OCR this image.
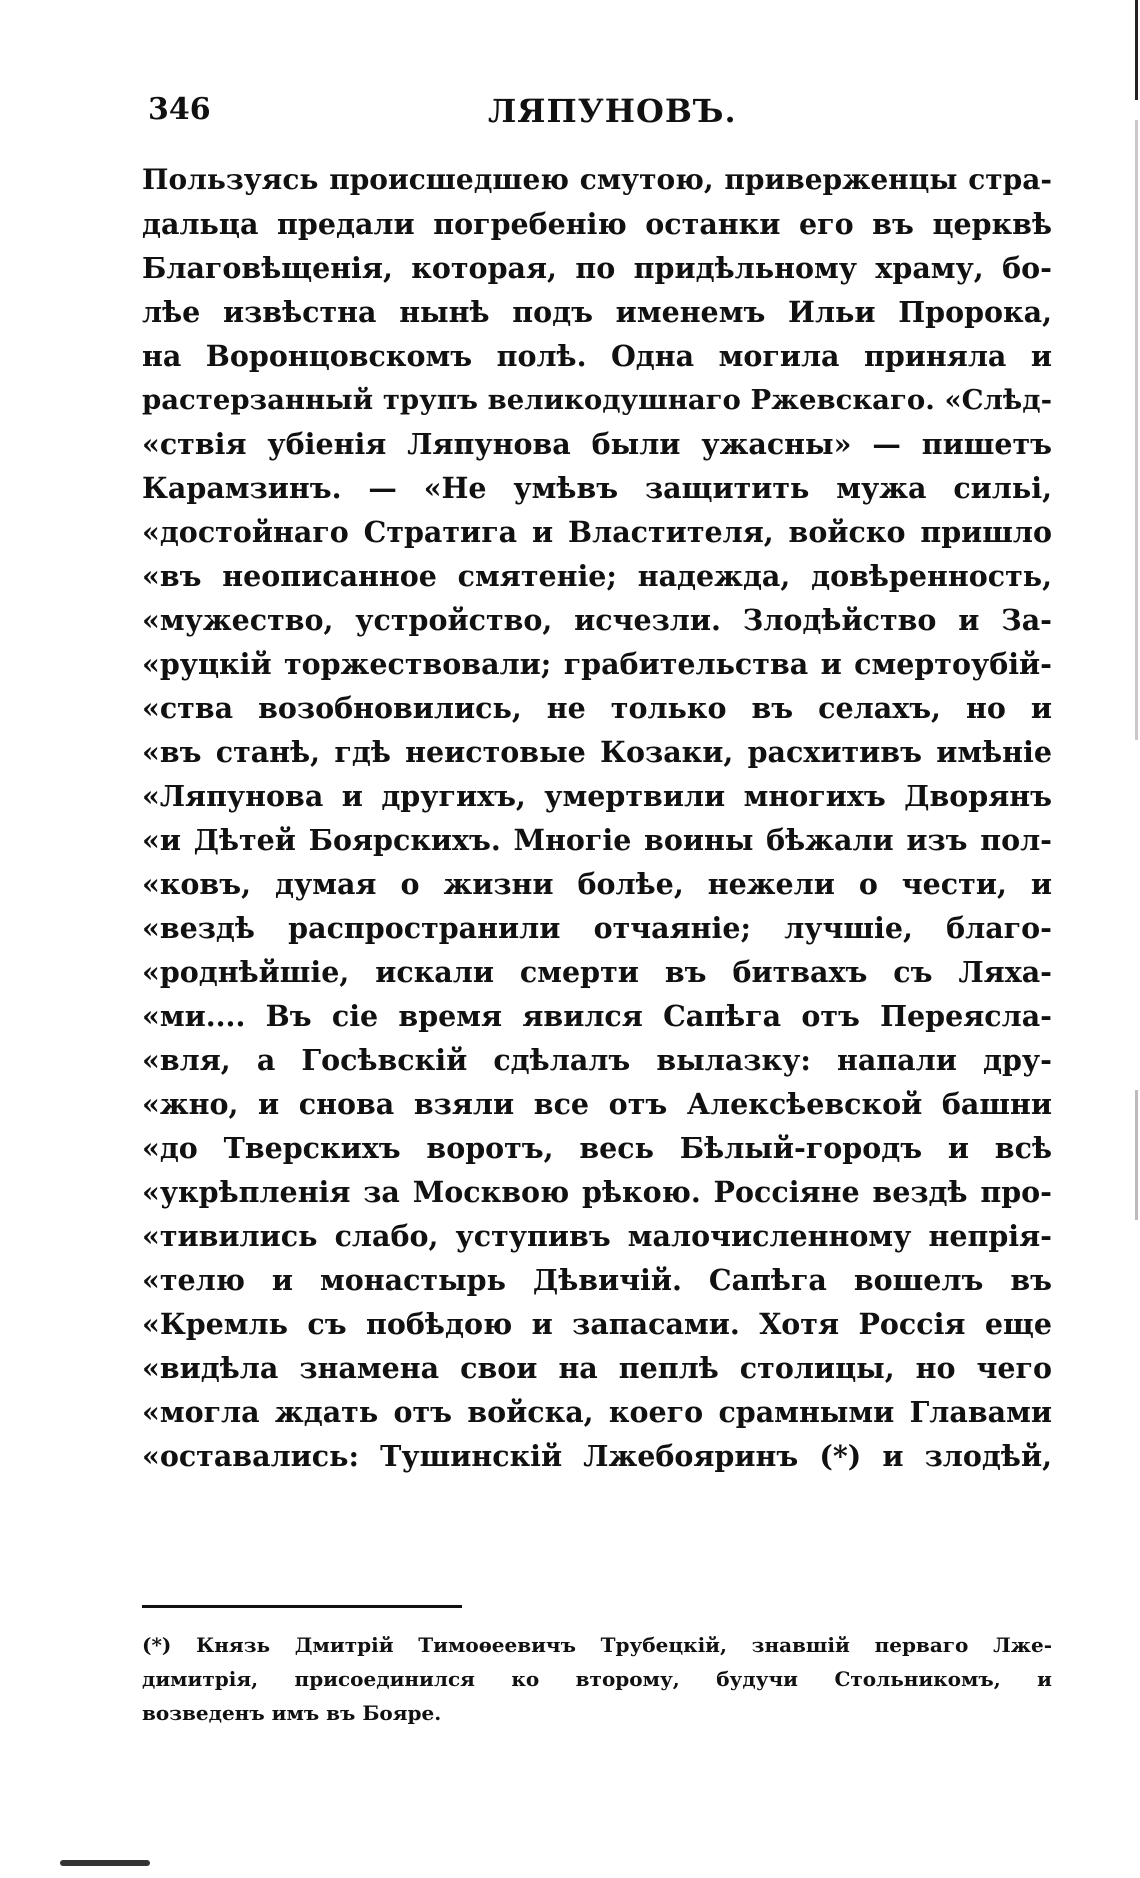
346	ЛЯПУНОВЪ.
Пользуясь происшедшею смутою, приверженцы стра-
дальца предали погребенію останки его въ церквѣ
Благовѣщенія, которая, по придѣльному храму, бо-
лѣе извѣстна нынѣ подъ именемъ Ильи Пророка,
на Воронцовскомъ полѣ. Одна могила приняла и
растерзанный трупъ великодушнаго Ржевскаго. «Слѣд-
«ствія убіенія Ляпунова были ужасны» — пишетъ
Карамзинъ. — «Не умѣвъ защитить мужа сильі,
«достойнаго Стратига и Властителя, войско пришло
«въ неописанное смятеніе; надежда, довѣренность,
«мужество, устройство, исчезли. Злодѣйство и За-
«руцкій торжествовали; грабительства и смертоубій-
«ства возобновились, не только въ селахъ, но и
«въ станѣ, гдѣ неистовые Козаки, расхитивъ имѣніе
«Ляпунова и другихъ, умертвили многихъ Дворянъ
«и Дѣтей Боярскихъ. Многіе воины бѣжали изъ пол-
«ковъ, думая о жизни болѣе, нежели о чести, и
«вездѣ распространили отчаяніе; лучшіе, благо-
«роднѣйшіе, искали смерти въ битвахъ съ Ляха-
«ми.... Въ сіе время явился Сапѣга отъ Переясла-
«вля, а Госѣвскій сдѣлалъ вылазку: напали дру-
«жно, и снова взяли все отъ Алексѣевской башни
«до Тверскихъ воротъ, весь Бѣлый-городъ и всѣ
«укрѣпленія за Москвою рѣкою. Россіяне вездѣ про-
«тивились слабо, уступивъ малочисленному непрія-
«телю и монастырь Дѣвичій. Сапѣга вошелъ въ
«Кремль съ побѣдою и запасами. Хотя Россія еще
«видѣла знамена свои на пеплѣ столицы, но чего
«могла ждать отъ войска, коего срамными Главами
«оставались: Тушинскій Лжебояринъ (*) и злодѣй,
(*) Князь Дмитрій Тимоѳеевичъ Трубецкій, знавшій перваго Лже-
димитрія, присоединился ко второму, будучи Стольникомъ, и
возведенъ имъ въ Бояре.
